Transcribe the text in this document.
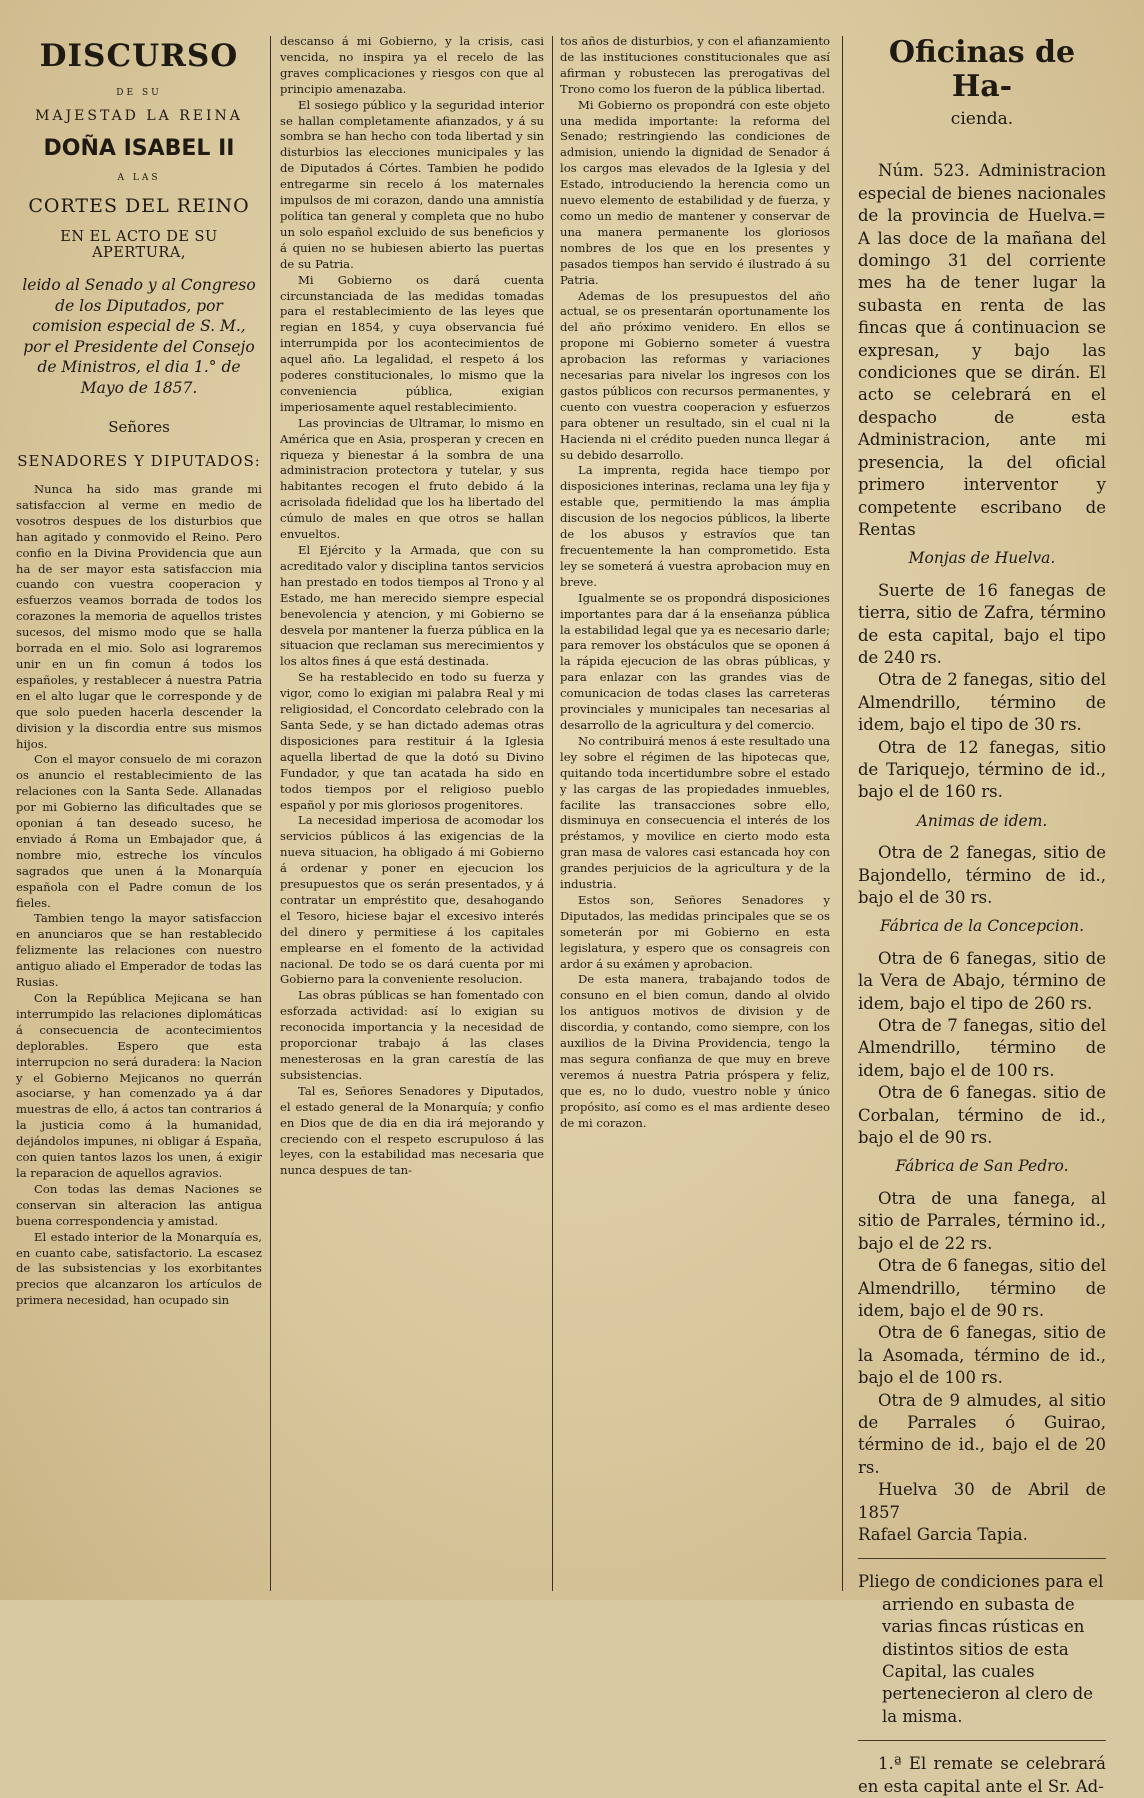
DISCURSO
DE SU
MAJESTAD LA REINA
DOÑA ISABEL II
A LAS
CORTES DEL REINO
EN EL ACTO DE SU APERTURA,
leido al Senado y al Congreso de los Diputados, por comision especial de S. M., por el Presidente del Consejo de Ministros, el dia 1.° de Mayo de 1857.
Señores
SENADORES Y DIPUTADOS:

Nunca ha sido mas grande mi satisfaccion al verme en medio de vosotros despues de los disturbios que han agitado y conmovido el Reino. Pero confio en la Divina Providencia que aun ha de ser mayor esta satisfaccion mia cuando con vuestra cooperacion y esfuerzos veamos borrada de todos los corazones la memoria de aquellos tristes sucesos, del mismo modo que se halla borrada en el mio. Solo asi lograremos unir en un fin comun á todos los españoles, y restablecer á nuestra Patria en el alto lugar que le corresponde y de que solo pueden hacerla descender la division y la discordia entre sus mismos hijos.

Con el mayor consuelo de mi corazon os anuncio el restablecimiento de las relaciones con la Santa Sede. Allanadas por mi Gobierno las dificultades que se oponian á tan deseado suceso, he enviado á Roma un Embajador que, á nombre mio, estreche los vínculos sagrados que unen á la Monarquía española con el Padre comun de los fieles.

Tambien tengo la mayor satisfaccion en anunciaros que se han restablecido felizmente las relaciones con nuestro antiguo aliado el Emperador de todas las Rusias.

Con la República Mejicana se han interrumpido las relaciones diplomáticas á consecuencia de acontecimientos deplorables. Espero que esta interrupcion no será duradera: la Nacion y el Gobierno Mejicanos no querrán asociarse, y han comenzado ya á dar muestras de ello, á actos tan contrarios á la justicia como á la humanidad, dejándolos impunes, ni obligar á España, con quien tantos lazos los unen, á exigir la reparacion de aquellos agravios.

Con todas las demas Naciones se conservan sin alteracion las antigua buena correspondencia y amistad.

El estado interior de la Monarquía es, en cuanto cabe, satisfactorio. La escasez de las subsistencias y los exorbitantes precios que alcanzaron los artículos de primera necesidad, han ocupado sin

descanso á mi Gobierno, y la crisis, casi vencida, no inspira ya el recelo de las graves complicaciones y riesgos con que al principio amenazaba.

El sosiego público y la seguridad interior se hallan completamente afianzados, y á su sombra se han hecho con toda libertad y sin disturbios las elecciones municipales y las de Diputados á Córtes. Tambien he podido entregarme sin recelo á los maternales impulsos de mi corazon, dando una amnistía política tan general y completa que no hubo un solo español excluido de sus beneficios y á quien no se hubiesen abierto las puertas de su Patria.

Mi Gobierno os dará cuenta circunstanciada de las medidas tomadas para el restablecimiento de las leyes que regian en 1854, y cuya observancia fué interrumpida por los acontecimientos de aquel año. La legalidad, el respeto á los poderes constitucionales, lo mismo que la conveniencia pública, exigian imperiosamente aquel restablecimiento.

Las provincias de Ultramar, lo mismo en América que en Asia, prosperan y crecen en riqueza y bienestar á la sombra de una administracion protectora y tutelar, y sus habitantes recogen el fruto debido á la acrisolada fidelidad que los ha libertado del cúmulo de males en que otros se hallan envueltos.

El Ejército y la Armada, que con su acreditado valor y disciplina tantos servicios han prestado en todos tiempos al Trono y al Estado, me han merecido siempre especial benevolencia y atencion, y mi Gobierno se desvela por mantener la fuerza pública en la situacion que reclaman sus merecimientos y los altos fines á que está destinada.

Se ha restablecido en todo su fuerza y vigor, como lo exigian mi palabra Real y mi religiosidad, el Concordato celebrado con la Santa Sede, y se han dictado ademas otras disposiciones para restituir á la Iglesia aquella libertad de que la dotó su Divino Fundador, y que tan acatada ha sido en todos tiempos por el religioso pueblo español y por mis gloriosos progenitores.

La necesidad imperiosa de acomodar los servicios públicos á las exigencias de la nueva situacion, ha obligado á mi Gobierno á ordenar y poner en ejecucion los presupuestos que os serán presentados, y á contratar un empréstito que, desahogando el Tesoro, hiciese bajar el excesivo interés del dinero y permitiese á los capitales emplearse en el fomento de la actividad nacional. De todo se os dará cuenta por mi Gobierno para la conveniente resolucion.

Las obras públicas se han fomentado con esforzada actividad: así lo exigian su reconocida importancia y la necesidad de proporcionar trabajo á las clases menesterosas en la gran carestía de las subsistencias.

Tal es, Señores Senadores y Diputados, el estado general de la Monarquía; y confio en Dios que de dia en dia irá mejorando y creciendo con el respeto escrupuloso á las leyes, con la estabilidad mas necesaria que nunca despues de tan-

tos años de disturbios, y con el afianzamiento de las instituciones constitucionales que así afirman y robustecen las prerogativas del Trono como los fueron de la pública libertad.

Mi Gobierno os propondrá con este objeto una medida importante: la reforma del Senado; restringiendo las condiciones de admision, uniendo la dignidad de Senador á los cargos mas elevados de la Iglesia y del Estado, introduciendo la herencia como un nuevo elemento de estabilidad y de fuerza, y como un medio de mantener y conservar de una manera permanente los gloriosos nombres de los que en los presentes y pasados tiempos han servido é ilustrado á su Patria.

Ademas de los presupuestos del año actual, se os presentarán oportunamente los del año próximo venidero. En ellos se propone mi Gobierno someter á vuestra aprobacion las reformas y variaciones necesarias para nivelar los ingresos con los gastos públicos con recursos permanentes, y cuento con vuestra cooperacion y esfuerzos para obtener un resultado, sin el cual ni la Hacienda ni el crédito pueden nunca llegar á su debido desarrollo.

La imprenta, regida hace tiempo por disposiciones interinas, reclama una ley fija y estable que, permitiendo la mas ámplia discusion de los negocios públicos, la liberte de los abusos y estravíos que tan frecuentemente la han comprometido. Esta ley se someterá á vuestra aprobacion muy en breve.

Igualmente se os propondrá disposiciones importantes para dar á la enseñanza pública la estabilidad legal que ya es necesario darle; para remover los obstáculos que se oponen á la rápida ejecucion de las obras públicas, y para enlazar con las grandes vias de comunicacion de todas clases las carreteras provinciales y municipales tan necesarias al desarrollo de la agricultura y del comercio.

No contribuirá menos á este resultado una ley sobre el régimen de las hipotecas que, quitando toda incertidumbre sobre el estado y las cargas de las propiedades inmuebles, facilite las transacciones sobre ello, disminuya en consecuencia el interés de los préstamos, y movilice en cierto modo esta gran masa de valores casi estancada hoy con grandes perjuicios de la agricultura y de la industria.

Estos son, Señores Senadores y Diputados, las medidas principales que se os someterán por mi Gobierno en esta legislatura, y espero que os consagreis con ardor á su exámen y aprobacion.

De esta manera, trabajando todos de consuno en el bien comun, dando al olvido los antiguos motivos de division y de discordia, y contando, como siempre, con los auxilios de la Divina Providencia, tengo la mas segura confianza de que muy en breve veremos á nuestra Patria próspera y feliz, que es, no lo dudo, vuestro noble y único propósito, así como es el mas ardiente deseo de mi corazon.

Oficinas de Ha-
cienda.

Núm. 523. Administracion especial de bienes nacionales de la provincia de Huelva.= A las doce de la mañana del domingo 31 del corriente mes ha de tener lugar la subasta en renta de las fincas que á continuacion se expresan, y bajo las condiciones que se dirán. El acto se celebrará en el despacho de esta Administracion, ante mi presencia, la del oficial primero interventor y competente escribano de Rentas

Monjas de Huelva.

Suerte de 16 fanegas de tierra, sitio de Zafra, término de esta capital, bajo el tipo de 240 rs.

Otra de 2 fanegas, sitio del Almendrillo, término de idem, bajo el tipo de 30 rs.

Otra de 12 fanegas, sitio de Tariquejo, término de id., bajo el de 160 rs.

Animas de idem.

Otra de 2 fanegas, sitio de Bajondello, término de id., bajo el de 30 rs.

Fábrica de la Concepcion.

Otra de 6 fanegas, sitio de la Vera de Abajo, término de idem, bajo el tipo de 260 rs.

Otra de 7 fanegas, sitio del Almendrillo, término de idem, bajo el de 100 rs.

Otra de 6 fanegas. sitio de Corbalan, término de id., bajo el de 90 rs.

Fábrica de San Pedro.

Otra de una fanega, al sitio de Parrales, término id., bajo el de 22 rs.

Otra de 6 fanegas, sitio del Almendrillo, término de idem, bajo el de 90 rs.

Otra de 6 fanegas, sitio de la Asomada, término de id., bajo el de 100 rs.

Otra de 9 almudes, al sitio de Parrales ó Guirao, término de id., bajo el de 20 rs.

Huelva 30 de Abril de 1857

Rafael Garcia Tapia.

Pliego de condiciones para el arriendo en subasta de varias fincas rústicas en distintos sitios de esta Capital, las cuales pertenecieron al clero de la misma.

1.ª El remate se celebrará en esta capital ante el Sr. Ad-
